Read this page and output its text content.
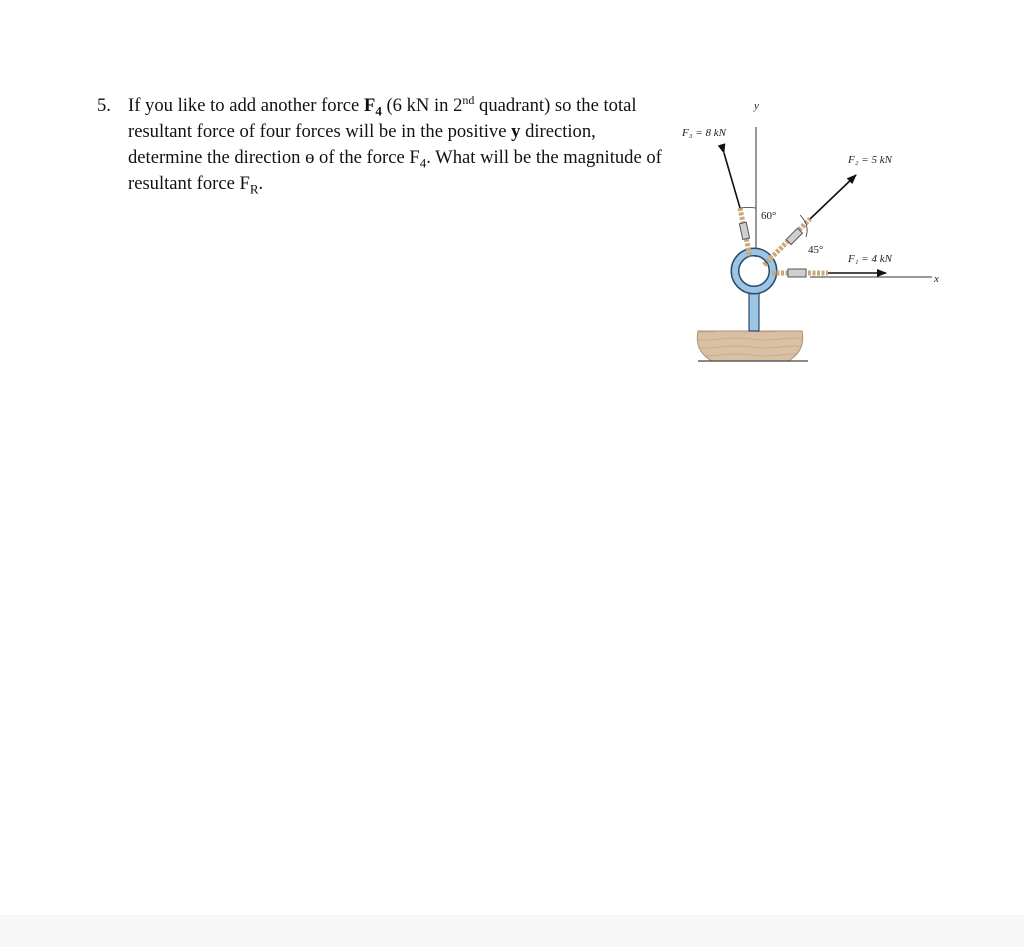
5. If you like to add another force $F_4$ (6 kN in 2nd quadrant) so the total resultant force of four forces will be in the positive y direction, determine the direction ɵ of the force $F_4$. What will be the magnitude of resultant force $F_R$.
y
x
60°
45°
F₃ = 8 kN
F₂ = 5 kN
F₁ = 4 kN
